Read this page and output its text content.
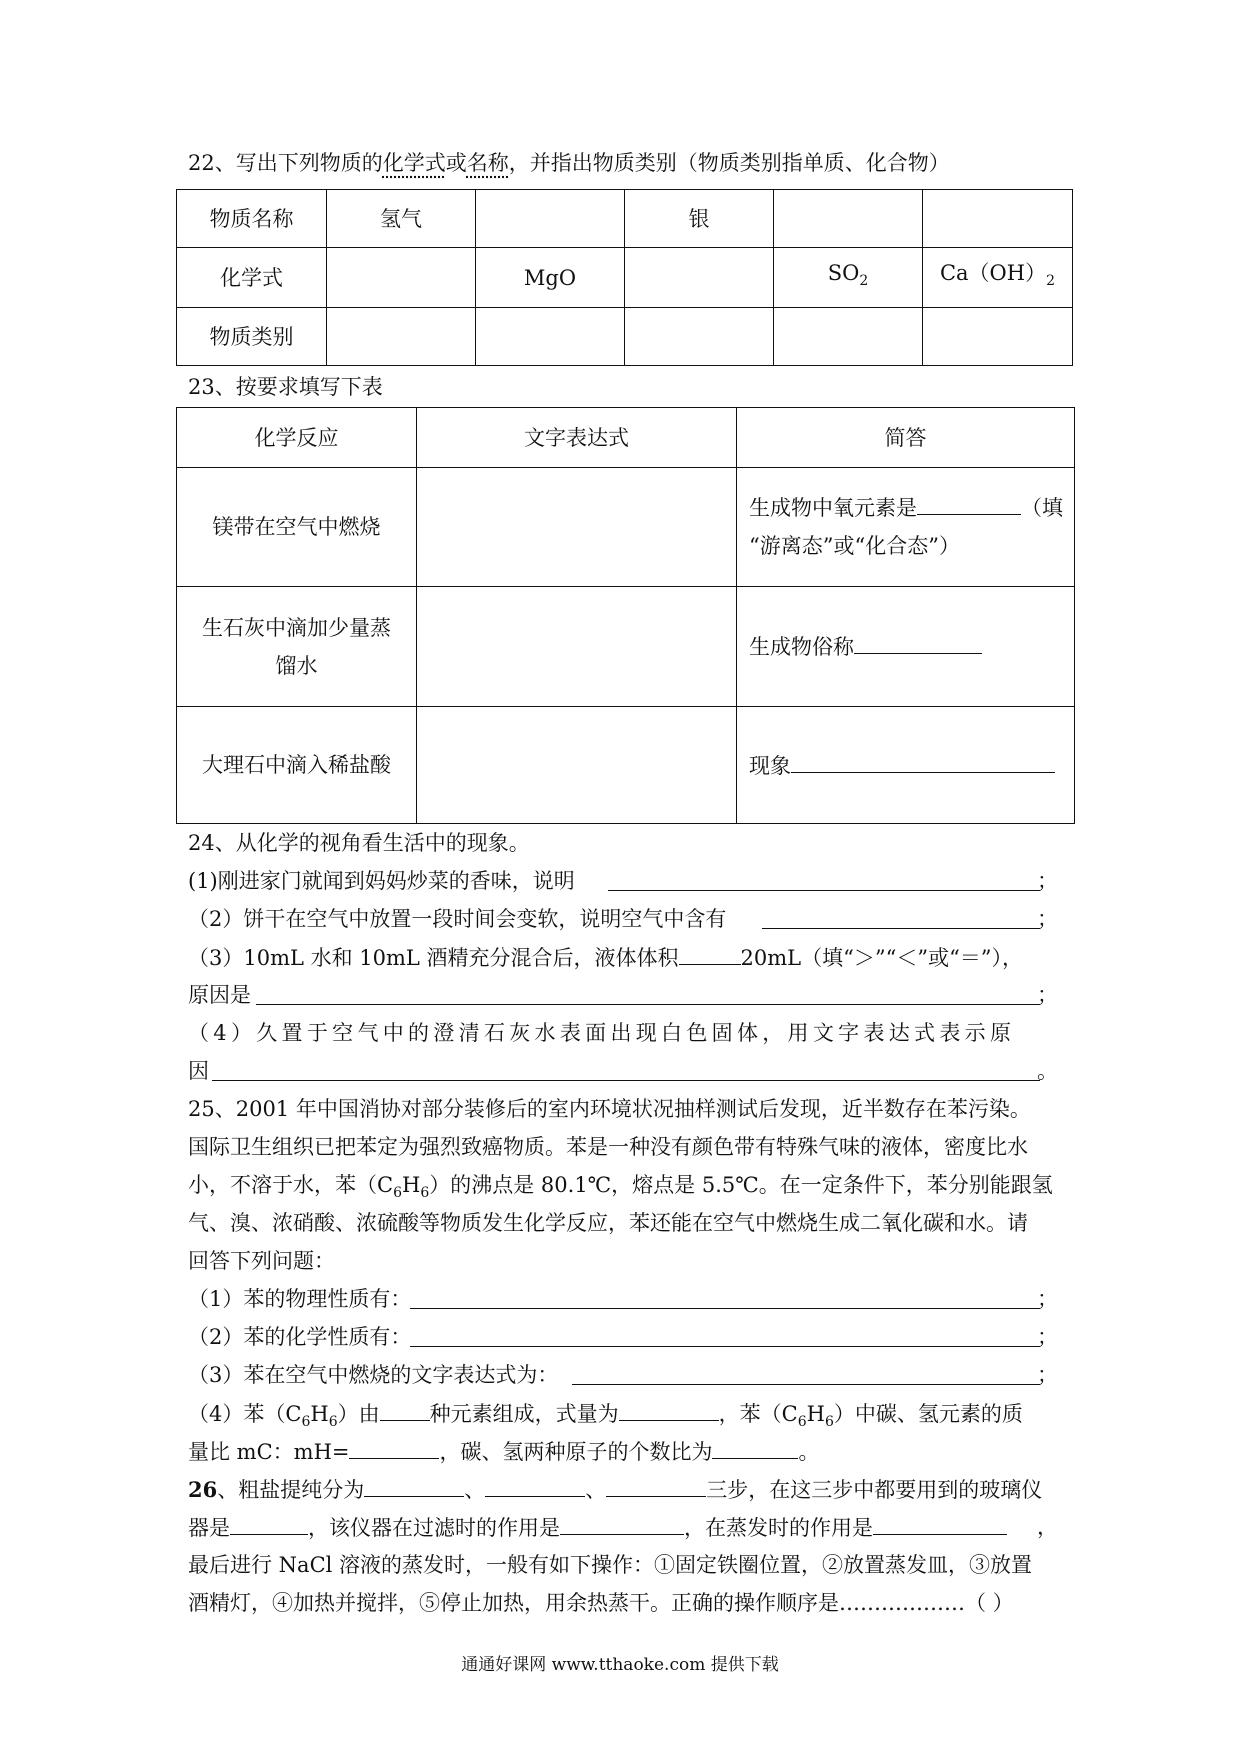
22、写出下列物质的化学式或名称，并指出物质类别（物质类别指单质、化合物）
物质名称	氢气		银		
化学式		MgO		$SO_2$	$Ca(OH)_2$
物质类别					
23、按要求填写下表
化学反应	文字表达式	简答
镁带在空气中燃烧		生成物中氧元素是 （填
“游离态”或“化合态”）

生石灰中滴加少量蒸
馏水		生成物俗称
大理石中滴入稀盐酸		现象
24、从化学的视角看生活中的现象。
(1)刚进家门就闻到妈妈炒菜的香味，说明	；
（2）饼干在空气中放置一段时间会变软，说明空气中含有	；
（3）10mL 水和 10mL 酒精充分混合后，液体体积	20mL（填“＞”“＜”或“＝”），
原因是	；
（4）久置于空气中的澄清石灰水表面出现白色固体，用文字表达式表示原
因	。
25、2001 年中国消协对部分装修后的室内环境状况抽样测试后发现，近半数存在苯污染。
国际卫生组织已把苯定为强烈致癌物质。苯是一种没有颜色带有特殊气味的液体，密度比水
小，不溶于水，苯$(C_6H_6)$的沸点是 80.1℃，熔点是 5.5℃。在一定条件下，苯分别能跟氢
气、溴、浓硝酸、浓硫酸等物质发生化学反应，苯还能在空气中燃烧生成二氧化碳和水。请
回答下列问题：
（1）苯的物理性质有：	；
（2）苯的化学性质有：	；
（3）苯在空气中燃烧的文字表达式为：	；
（4）苯$(C_6H_6)$由 种元素组成，式量为	，苯$(C_6H_6)$中碳、氢元素的质
量比 mC：mH=	，碳、氢两种原子的个数比为	。
26、粗盐提纯分为	、	、	三步，在这三步中都要用到的玻璃仪
器是	，该仪器在过滤时的作用是	，在蒸发时的作用是	，
最后进行 NaCl 溶液的蒸发时，一般有如下操作：①固定铁圈位置，②放置蒸发皿，③放置
酒精灯，④加热并搅拌，⑤停止加热，用余热蒸干。正确的操作顺序是………………（ ）
通通好课网 www.tthaoke.com 提供下载
